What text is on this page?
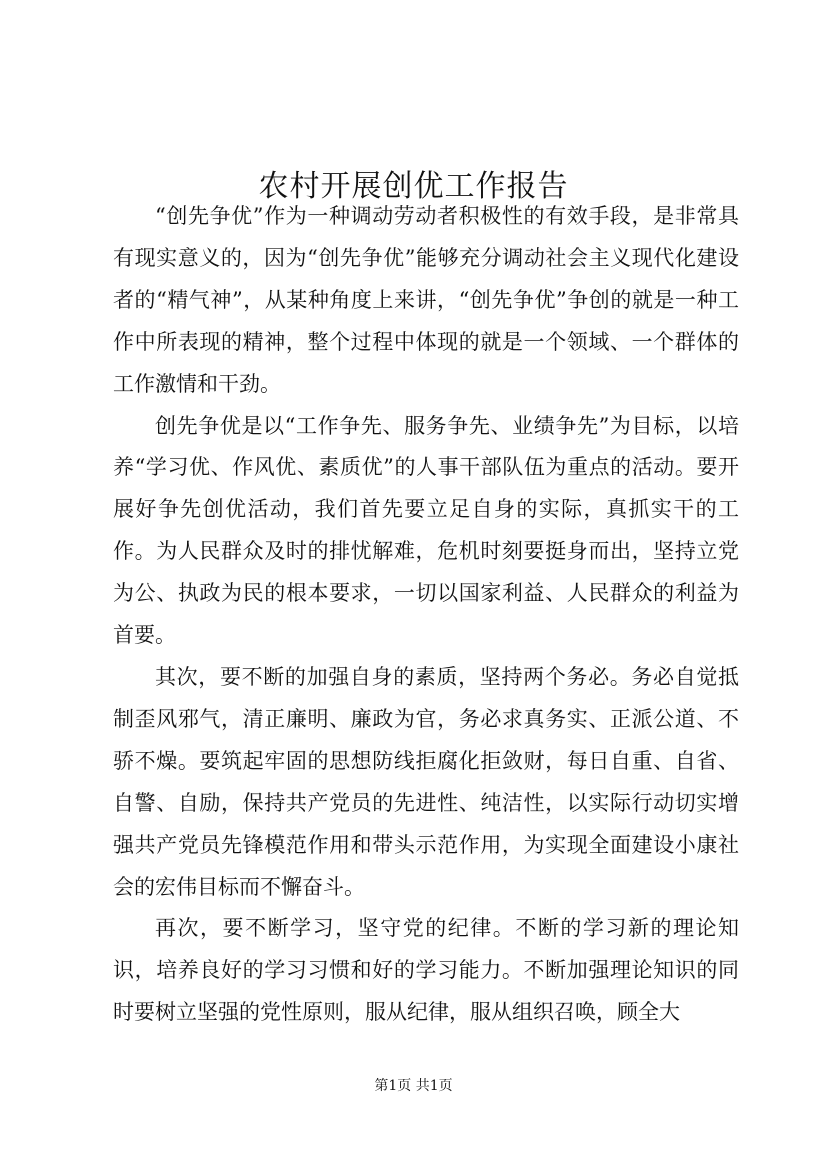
农村开展创优工作报告

“创先争优”作为一种调动劳动者积极性的有效手段，是非常具有现实意义的，因为“创先争优”能够充分调动社会主义现代化建设者的“精气神”，从某种角度上来讲，“创先争优”争创的就是一种工作中所表现的精神，整个过程中体现的就是一个领域、一个群体的工作激情和干劲。

创先争优是以“工作争先、服务争先、业绩争先”为目标，以培养“学习优、作风优、素质优”的人事干部队伍为重点的活动。要开展好争先创优活动，我们首先要立足自身的实际，真抓实干的工作。为人民群众及时的排忧解难，危机时刻要挺身而出，坚持立党为公、执政为民的根本要求，一切以国家利益、人民群众的利益为首要。

其次，要不断的加强自身的素质，坚持两个务必。务必自觉抵制歪风邪气，清正廉明、廉政为官，务必求真务实、正派公道、不骄不燥。要筑起牢固的思想防线拒腐化拒敛财，每日自重、自省、自警、自励，保持共产党员的先进性、纯洁性，以实际行动切实增强共产党员先锋模范作用和带头示范作用，为实现全面建设小康社会的宏伟目标而不懈奋斗。

再次，要不断学习，坚守党的纪律。不断的学习新的理论知识，培养良好的学习习惯和好的学习能力。不断加强理论知识的同时要树立坚强的党性原则，服从纪律，服从组织召唤，顾全大

第1页 共1页
